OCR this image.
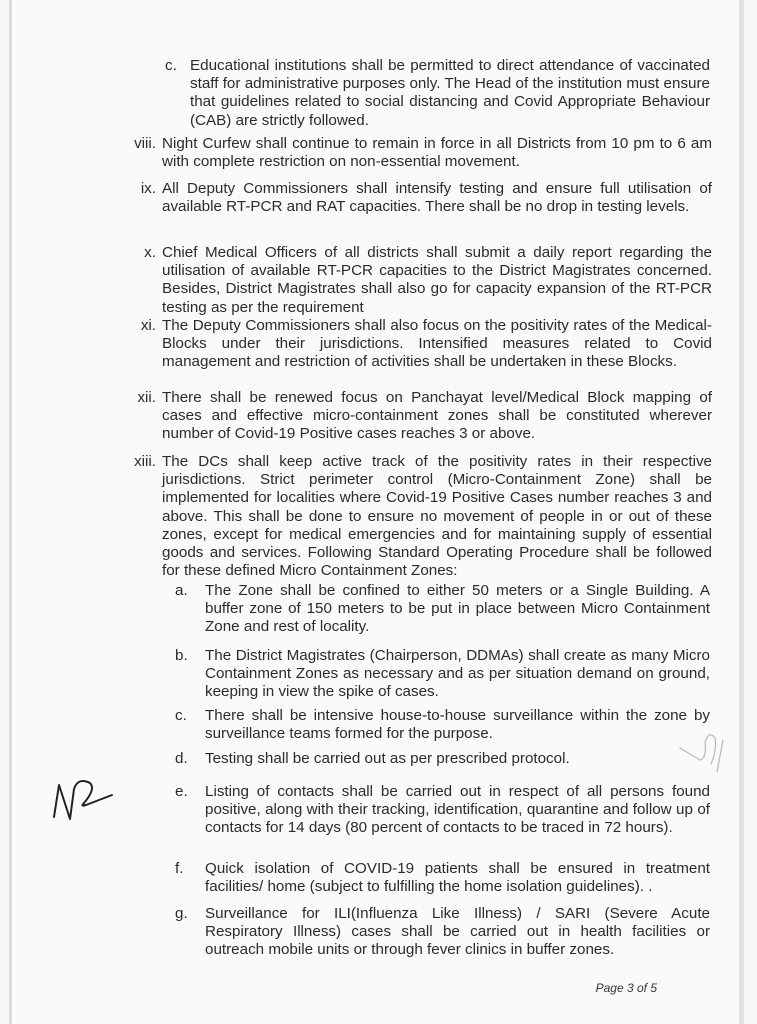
c. Educational institutions shall be permitted to direct attendance of vaccinated staff for administrative purposes only. The Head of the institution must ensure that guidelines related to social distancing and Covid Appropriate Behaviour (CAB) are strictly followed.
viii. Night Curfew shall continue to remain in force in all Districts from 10 pm to 6 am with complete restriction on non-essential movement.
ix. All Deputy Commissioners shall intensify testing and ensure full utilisation of available RT-PCR and RAT capacities. There shall be no drop in testing levels.
x. Chief Medical Officers of all districts shall submit a daily report regarding the utilisation of available RT-PCR capacities to the District Magistrates concerned. Besides, District Magistrates shall also go for capacity expansion of the RT-PCR testing as per the requirement
xi. The Deputy Commissioners shall also focus on the positivity rates of the Medical-Blocks under their jurisdictions. Intensified measures related to Covid management and restriction of activities shall be undertaken in these Blocks.
xii. There shall be renewed focus on Panchayat level/Medical Block mapping of cases and effective micro-containment zones shall be constituted wherever number of Covid-19 Positive cases reaches 3 or above.
xiii. The DCs shall keep active track of the positivity rates in their respective jurisdictions. Strict perimeter control (Micro-Containment Zone) shall be implemented for localities where Covid-19 Positive Cases number reaches 3 and above. This shall be done to ensure no movement of people in or out of these zones, except for medical emergencies and for maintaining supply of essential goods and services. Following Standard Operating Procedure shall be followed for these defined Micro Containment Zones:
a. The Zone shall be confined to either 50 meters or a Single Building. A buffer zone of 150 meters to be put in place between Micro Containment Zone and rest of locality.
b. The District Magistrates (Chairperson, DDMAs) shall create as many Micro Containment Zones as necessary and as per situation demand on ground, keeping in view the spike of cases.
c. There shall be intensive house-to-house surveillance within the zone by surveillance teams formed for the purpose.
d. Testing shall be carried out as per prescribed protocol.
e. Listing of contacts shall be carried out in respect of all persons found positive, along with their tracking, identification, quarantine and follow up of contacts for 14 days (80 percent of contacts to be traced in 72 hours).
f. Quick isolation of COVID-19 patients shall be ensured in treatment facilities/ home (subject to fulfilling the home isolation guidelines). .
g. Surveillance for ILI(Influenza Like Illness) / SARI (Severe Acute Respiratory Illness) cases shall be carried out in health facilities or outreach mobile units or through fever clinics in buffer zones.
Page 3 of 5
